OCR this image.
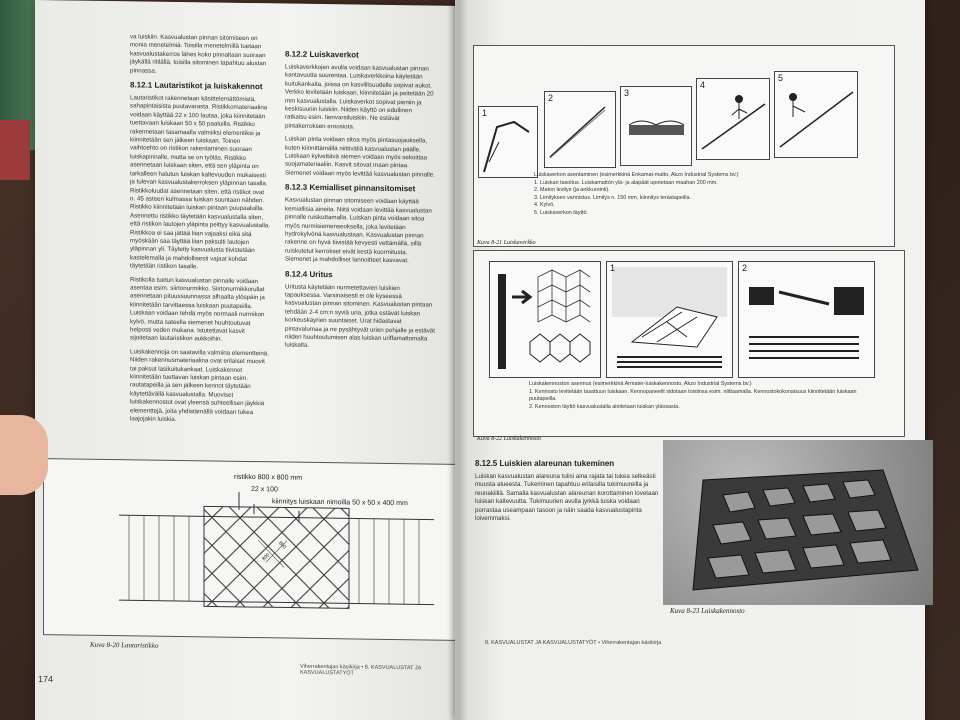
va luiskiin. Kasvualustan pinnan sitomiseen on monia menetelmiä. Toisilla menetelmillä tuetaan kasvualustakerros lähes koko pinnaltaan suoraan jäykällä ritilällä, toisilla sitominen tapahtuu alustan pinnassa.

8.12.1 Lautaristikot ja luiskakennot

Lautaristikot rakennetaan käsittelemättömistä, sahapintaisista puutavarasta. Ristikkomateriaalina voidaan käyttää 22 x 100 lautaa, joka kiinnitetään tuettavaan luiskaan 50 x 50 paaluilla. Ristikko rakennetaan tasamaalla valmiiksi elementiksi ja kiinnitetään sen jälkeen luiskaan. Toinen vaihtoehto on ristikon rakentaminen suoraan luiskapinnalle, mutta se on työläs. Ristikko asennetaan luiskaan siten, että sen yläpinta on tarkalleen halutun luiskan kaltevuuden mukaisesti ja tulevan kasvualustakerroksen yläpinnan tasalla. Ristikkoluudat asennetaan siten, että ristikot ovat n. 45 asteen kulmassa luiskan suuntaan nähden. Ristikko kiinnitetään luiskan pintaan puupaaluilla. Asennettu ristikko täytetään kasvualustalla siten, että ristikon lautojen yläpinta peittyy kasvualustalla. Ristikkoa ei saa jättää liian vajaaksi eikä sitä myöskään saa täyttää liian paksulti lautojen yläpinnan yli. Täytetty kasvualusta tiivistetään kastelemalla ja mahdollisesti vajaat kohdat täytetään ristikon tasalle.

Ristikolla tuetun kasvualustan pinnalle voidaan asentaa esim. siirtonurmikko. Siirtonurmikkorullat asennetaan pituussuunnassa alhaalta ylöspäin ja kiinnitetään tarvittaessa luiskaan puutapeilla. Luiskaan voidaan tehdä myös normaali nurmikon kylvö, mutta sateella siemenet huuhtoutuvat helposti veden mukana. Istutettavat kasvit sijoitetaan lautaristikon aukkoihin.

Luiskakennoja on saatavilla valmiina elementteinä. Niiden rakennusmateriaalina ovat erilaiset muovit tai paksut lasikuitukankaat. Luiskakennot kiinnitetään tuettavan luiskan pintaan esim. rautatapeilla ja sen jälkeen kennot täytetään käytettävällä kasvualustalla. Muoviset luiskakennostot ovat yleensä suhteellisen jäykkiä elementtejä, joita yhdistämällä voidaan tukea laajojakin luiskia.

8.12.2 Luiskaverkot

Luiskaverkkojen avulla voidaan kasvualustan pinnan kantavuutta suurentaa. Luiskaverkkoina käytetään kuitukankaita, joissa on kasvillisuudelle sopivat aukot. Verkko levitetään luiskaan, kiinnitetään ja peitetään 20 mm kasvualustalla. Luiskaverkot sopivat pieniin ja keskisuuriin luiskiin. Niiden käyttö on edullinen ratkaisu esim. tienvarsiluiskiin. Ne estävät pintakerroksen eroosiota.

Luiskan pinta voidaan sitoa myös pintasuojauksella, kuten kiinnittämällä niittiväliä kasvualustan päälle. Luiskaan kylvettävä siemen voidaan myös sekoittaa suojamateriaaliin. Kasvit sitovat maan pintaa. Siemenet voidaan myös levittää kasvualustan pinnalle.

8.12.3 Kemialliset pinnansitomiset

Kasvualustan pinnan sitomiseen voidaan käyttää kemiallisia aineita. Niitä voidaan levittää kasvualustan pinnalle ruiskuttamalla. Luiskan pinta voidaan sitoa myös nurmisiemenseoksella, joka levitetään hydrokylvönä kasvualustaan. Kasvualustan pinnan rakenne on hyvä tiivistää kevyesti vettämällä, sillä ruiskutetut kerrokset eivät kestä kuormitusta. Siemenet ja mahdolliset lannoitteet kasvavat.

8.12.4 Uritus

Uritusta käytetään nurmetettavien luiskien tapauksessa. Varsinaisesti ei ole kyseessä kasvualustan pinnan sitominen. Kasvualustan pintaan tehdään 2-4 cm:n syviä uria, jotka estävät luiskan korkeuskäyrien suuntaiset. Urat hidastavat pintavalumaa ja ne pysähtyvät urien pohjalle ja estävät niiden huuhtoutumisen alas luiskan uriffamattomalta luiskalta.

ristikko 800 x 800 mm
22 x 100
kiinnitys luiskaan nimoilla 50 x 50 x 400 mm
800
800
Kuva 8-20 Lautaristikko
Viherrakentajan käsikirja • 8. KASVUALUSTAT JA KASVUALUSTATYÖT
174
1
2	3
4
5
Luiskaverkon asentaminen (esimerkkinä Enkamat-matto, Akzo Industrial Systems bv.)
1. Luiskan tasoitus. Luiskamattón ylä- ja alapäät upotetaan maahan 200 mm.
2. Maton levitys (ja ankkurointi).
3. Limityksen varmistus. Limitys n. 150 mm, kiinnitys terästapeilla.
4. Kylvö.
5. Luiskaverkon täyttö.
Kuva 8-21 Luiskaverkko
1	2
Luiskakennoston asennus (esimerkkinä Armater-luiskakennosto, Akzo Industrial Systems bv.)
1. Kennosto levitetään tasattuun luiskaan. Kennopaneelit sidotaan toisiinsa esim. niittaamalla. Kennostokokonaisuus kiinnitetään luiskaan puutapeilla.
2. Kennoston täyttö kasvualustalla aloitetaan luiskan yläosasta.
Kuva 8-22 Luiskakennosto
8.12.5 Luiskien alareunan tukeminen

Luiskan kasvualustan alareuna tulisi aina rajata tai tukea selkeästi muusta alueesta. Tukeminen tapahtuu erilaisilla tukimuureilla ja reunakiillä. Samalla kasvualustan alareunan korottaminen lovetaan luiskan kaltevuutta. Tukimuurien avulla jyrkkä luiska voidaan porrastaa useampaan tasoon ja näin saada kasvualustapinta loivemmaksi.

Kuva 8-23 Luiskakennosto
8. KASVUALUSTAT JA KASVUALUSTATYÖT • Viherrakentajan käsikirja
175
